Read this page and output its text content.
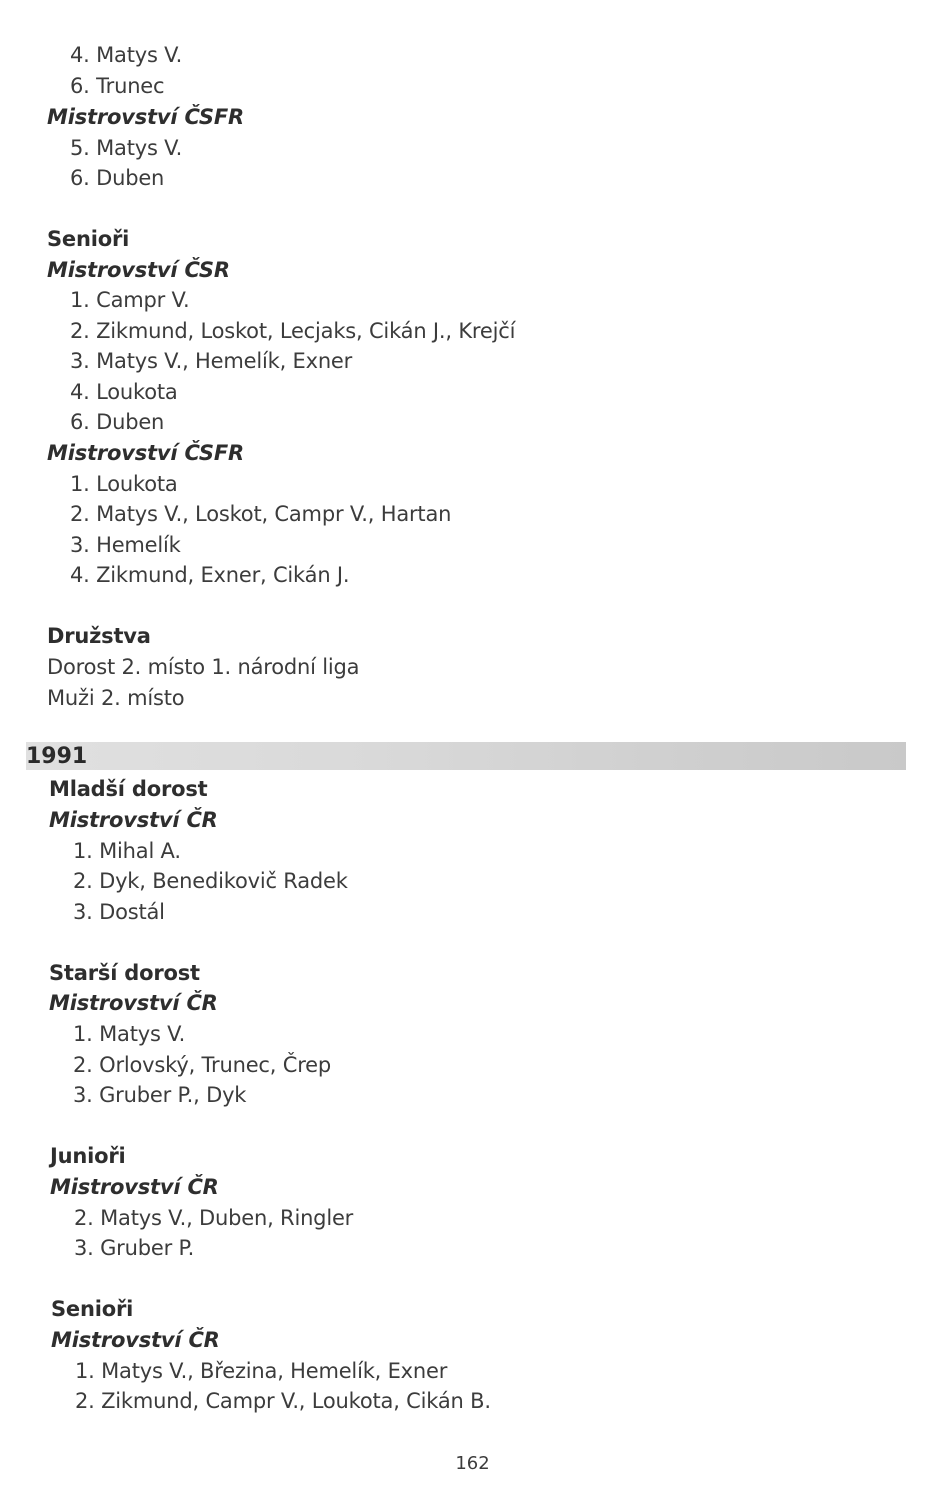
4. Matys V.
6. Trunec
Mistrovství ČSFR
5. Matys V.
6. Duben
Senioři
Mistrovství ČSR
1. Campr V.
2. Zikmund, Loskot, Lecjaks, Cikán J., Krejčí
3. Matys V., Hemelík, Exner
4. Loukota
6. Duben
Mistrovství ČSFR
1. Loukota
2. Matys V., Loskot, Campr V., Hartan
3. Hemelík
4. Zikmund, Exner, Cikán J.
Družstva
Dorost 2. místo 1. národní liga
Muži 2. místo
1991
Mladší dorost
Mistrovství ČR
1. Mihal A.
2. Dyk, Benedikovič Radek
3. Dostál
Starší dorost
Mistrovství ČR
1. Matys V.
2. Orlovský, Trunec, Črep
3. Gruber P., Dyk
Junioři
Mistrovství ČR
2. Matys V., Duben, Ringler
3. Gruber P.
Senioři
Mistrovství ČR
1. Matys V., Březina, Hemelík, Exner
2. Zikmund, Campr V., Loukota, Cikán B.
162
